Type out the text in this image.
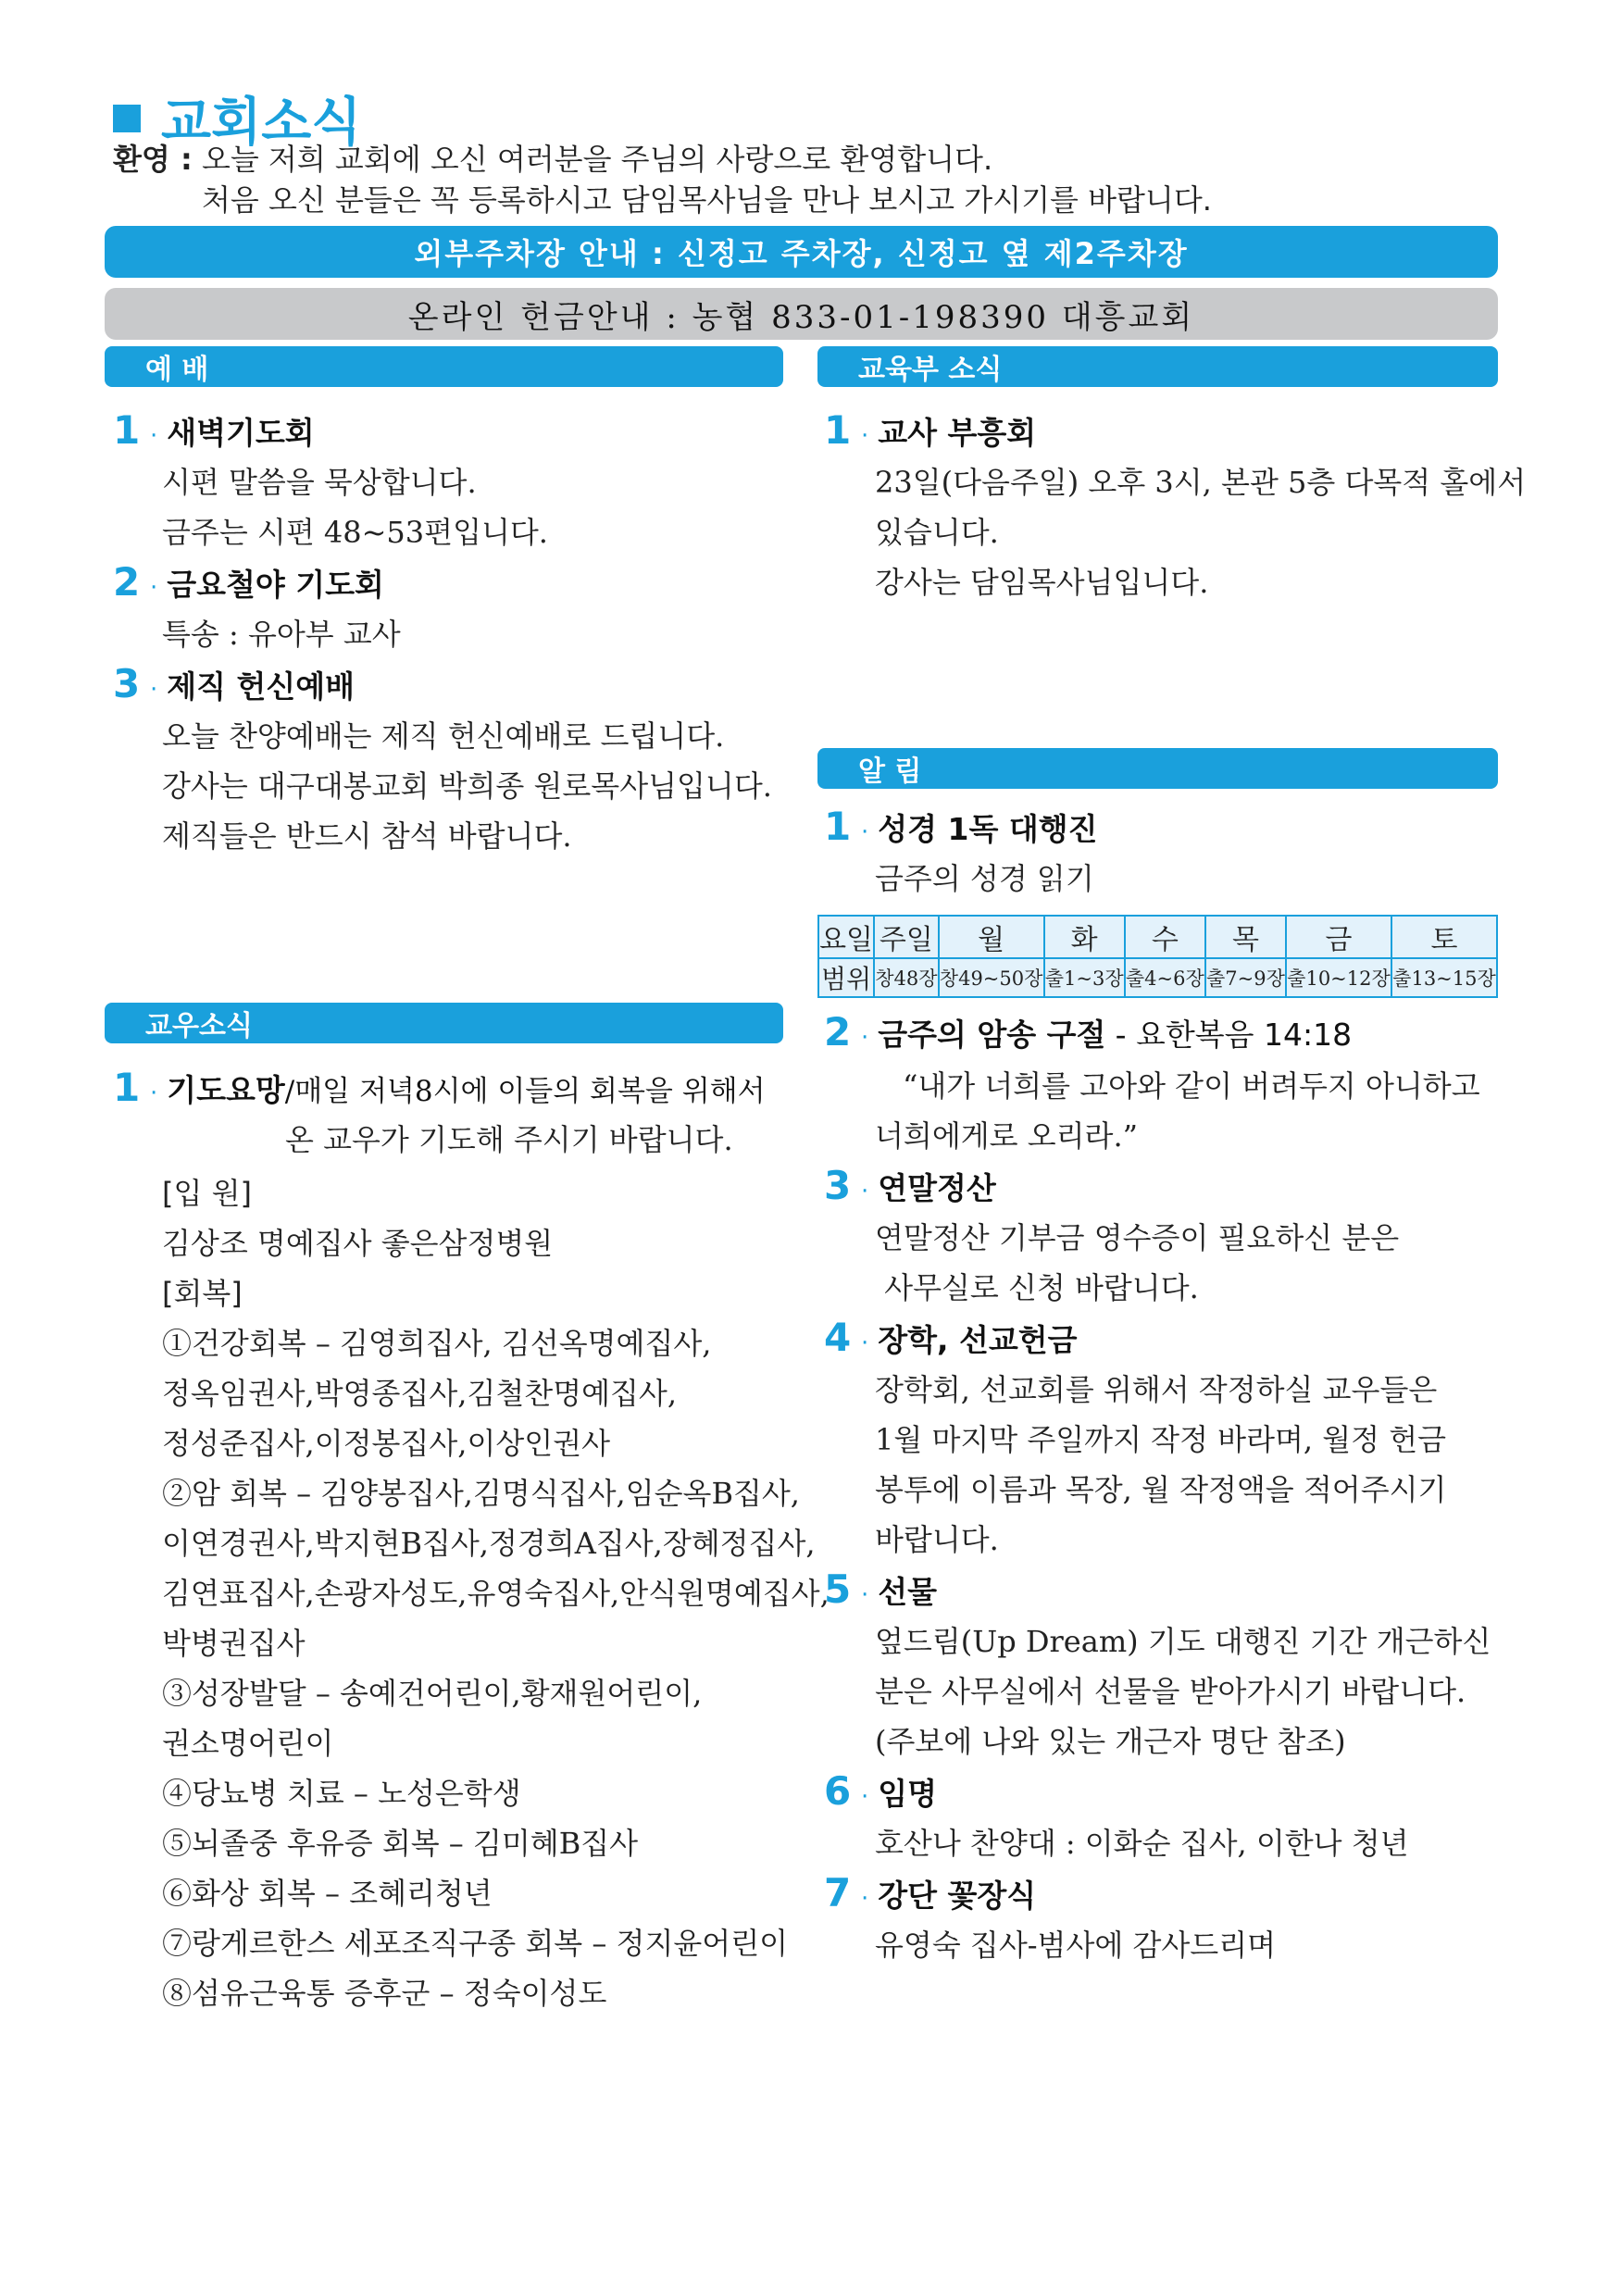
교회소식
환영 : 오늘 저희 교회에 오신 여러분을 주님의 사랑으로 환영합니다.
처음 오신 분들은 꼭 등록하시고 담임목사님을 만나 보시고 가시기를 바랍니다.
외부주차장 안내 : 신정고 주차장, 신정고 옆 제2주차장
온라인 헌금안내 : 농협 833-01-198390 대흥교회
예 배
1 · 새벽기도회
시편 말씀을 묵상합니다.
금주는 시편 48~53편입니다.
2 · 금요철야 기도회
특송 : 유아부 교사
3 · 제직 헌신예배
오늘 찬양예배는 제직 헌신예배로 드립니다.
강사는 대구대봉교회 박희종 원로목사님입니다.
제직들은 반드시 참석 바랍니다.
교우소식
1 · 기도요망 /매일 저녁8시에 이들의 회복을 위해서
온 교우가 기도해 주시기 바랍니다.
[입 원]
김상조 명예집사 좋은삼정병원
[회복]
①건강회복 – 김영희집사, 김선옥명예집사,
정옥임권사,박영종집사,김철찬명예집사,
정성준집사,이정봉집사,이상인권사
②암 회복 – 김양봉집사,김명식집사,임순옥B집사,
이연경권사,박지현B집사,정경희A집사,장혜정집사,
김연표집사,손광자성도,유영숙집사,안식원명예집사,
박병권집사
③성장발달 – 송예건어린이,황재원어린이,
권소명어린이
④당뇨병 치료 – 노성은학생
⑤뇌졸중 후유증 회복 – 김미혜B집사
⑥화상 회복 – 조혜리청년
⑦랑게르한스 세포조직구종 회복 – 정지윤어린이
⑧섬유근육통 증후군 – 정숙이성도
교육부 소식
1 · 교사 부흥회
23일(다음주일) 오후 3시, 본관 5층 다목적 홀에서
있습니다.
강사는 담임목사님입니다.
알 림
1 · 성경 1독 대행진
금주의 성경 읽기
요일	주일	월	화	수	목	금	토
범위	창48장	창49~50장	출1~3장	출4~6장	출7~9장	출10~12장	출13~15장
2 · 금주의 암송 구절
- 요한복음 14:18
“내가 너희를 고아와 같이 버려두지 아니하고
너희에게로 오리라.”
3 · 연말정산
연말정산 기부금 영수증이 필요하신 분은
사무실로 신청 바랍니다.
4 · 장학, 선교헌금
장학회, 선교회를 위해서 작정하실 교우들은
1월 마지막 주일까지 작정 바라며, 월정 헌금
봉투에 이름과 목장, 월 작정액을 적어주시기
바랍니다.
5 · 선물
엎드림(Up Dream) 기도 대행진 기간 개근하신
분은 사무실에서 선물을 받아가시기 바랍니다.
(주보에 나와 있는 개근자 명단 참조)
6 · 임명
호산나 찬양대 : 이화순 집사, 이한나 청년
7 · 강단 꽃장식
유영숙 집사-범사에 감사드리며
